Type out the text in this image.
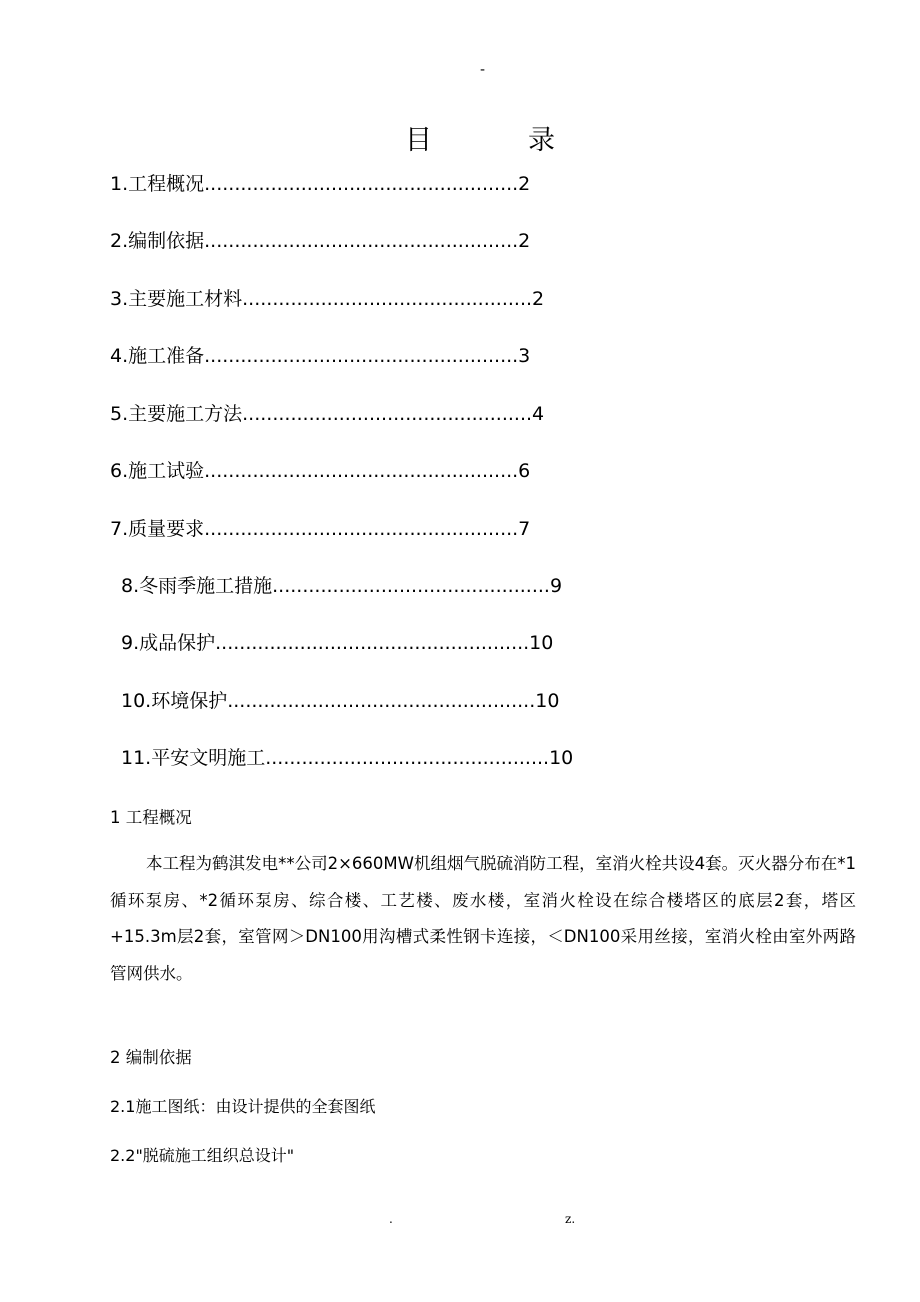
-
目	录
1.工程概况....................................................2
2.编制依据....................................................2
3.主要施工材料................................................2
4.施工准备....................................................3
5.主要施工方法................................................4
6.施工试验....................................................6
7.质量要求....................................................7
8.冬雨季施工措施..............................................9
9.成品保护....................................................10
10.环境保护...................................................10
11.平安文明施工...............................................10
1 工程概况
本工程为鹤淇发电**公司2×660MW机组烟气脱硫消防工程，室消火栓共设4套。灭火器分布在*1循环泵房、*2循环泵房、综合楼、工艺楼、废水楼，室消火栓设在综合楼塔区的底层2套，塔区+15.3m层2套，室管网＞DN100用沟槽式柔性钢卡连接，＜DN100采用丝接，室消火栓由室外两路管网供水。
2 编制依据
2.1施工图纸：由设计提供的全套图纸
2.2"脱硫施工组织总设计"
.	z.
